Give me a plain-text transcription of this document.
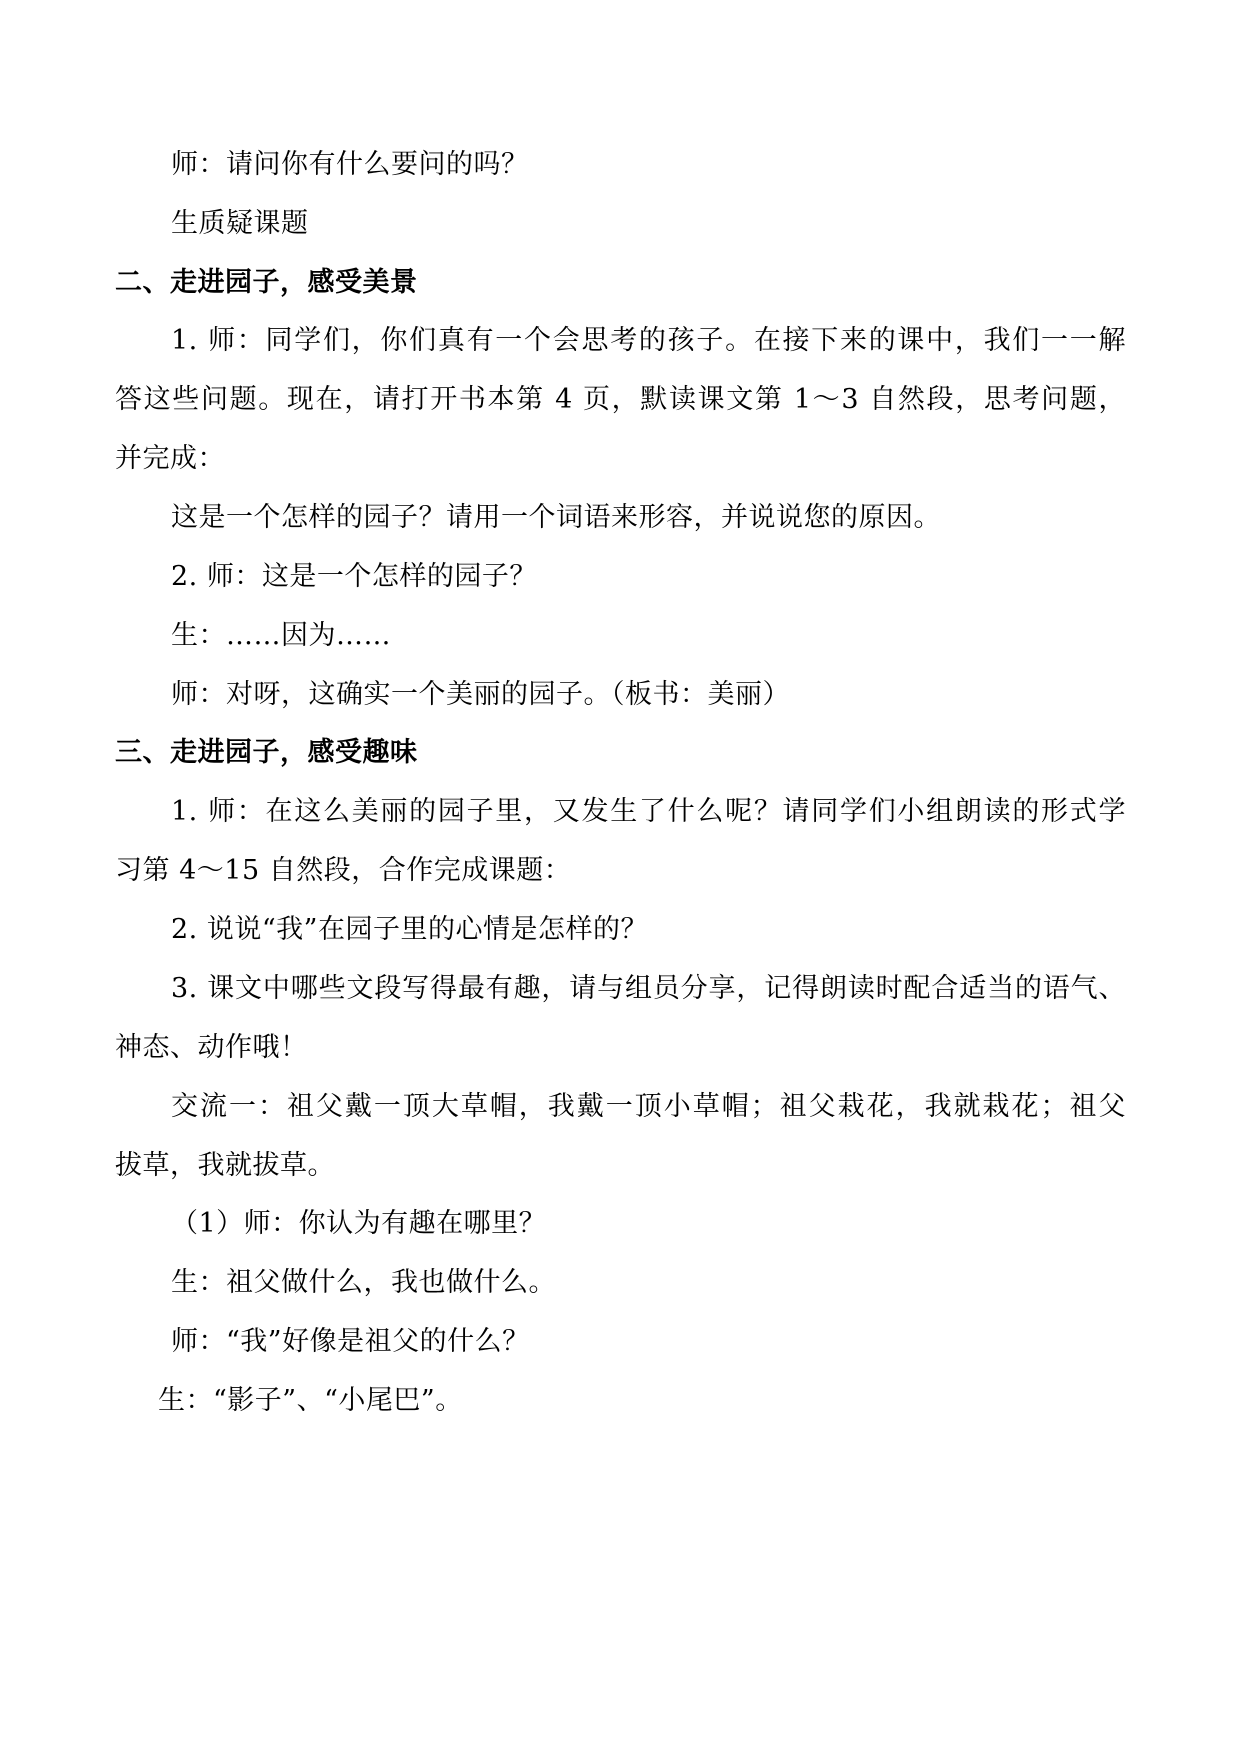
师：请问你有什么要问的吗？
生质疑课题
二、走进园子，感受美景
1. 师：同学们，你们真有一个会思考的孩子。在接下来的课中，我们一一解
答这些问题。现在，请打开书本第 4 页，默读课文第 1～3 自然段，思考问题，
并完成：
这是一个怎样的园子？请用一个词语来形容，并说说您的原因。
2. 师：这是一个怎样的园子？
生：……因为……
师：对呀，这确实一个美丽的园子。（板书：美丽）
三、走进园子，感受趣味
1. 师：在这么美丽的园子里，又发生了什么呢？请同学们小组朗读的形式学
习第 4～15 自然段，合作完成课题：
2. 说说“我”在园子里的心情是怎样的？
3. 课文中哪些文段写得最有趣，请与组员分享，记得朗读时配合适当的语气、
神态、动作哦！
交流一：祖父戴一顶大草帽，我戴一顶小草帽；祖父栽花，我就栽花；祖父
拔草，我就拔草。
（1）师：你认为有趣在哪里？
生：祖父做什么，我也做什么。
师：“我”好像是祖父的什么？
生：“影子”、“小尾巴”。
